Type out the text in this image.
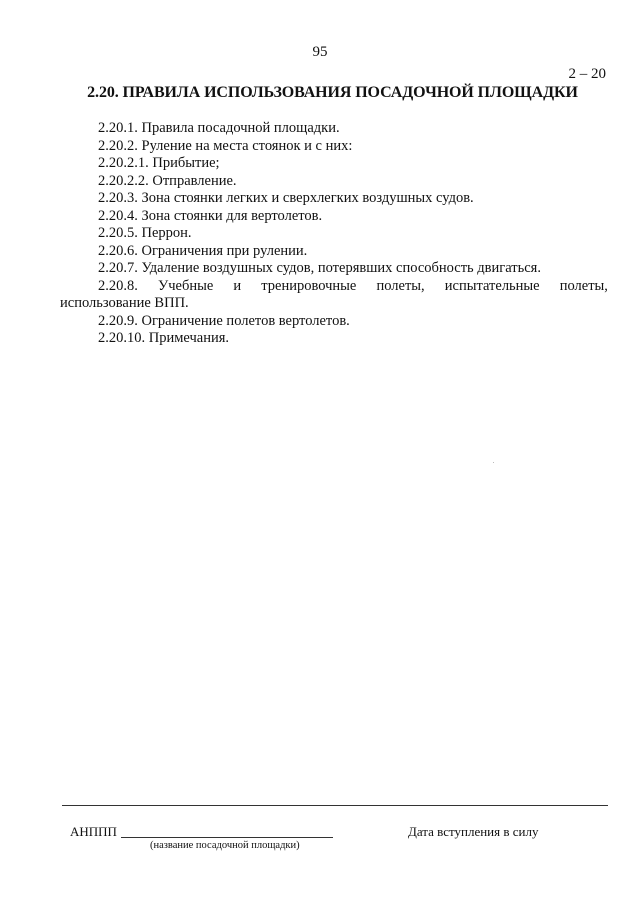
95
2 – 20
2.20. ПРАВИЛА ИСПОЛЬЗОВАНИЯ ПОСАДОЧНОЙ ПЛОЩАДКИ
2.20.1. Правила посадочной площадки.
2.20.2. Руление на места стоянок и с них:
2.20.2.1. Прибытие;
2.20.2.2. Отправление.
2.20.3. Зона стоянки легких и сверхлегких воздушных судов.
2.20.4. Зона стоянки для вертолетов.
2.20.5. Перрон.
2.20.6. Ограничения при рулении.
2.20.7. Удаление воздушных судов, потерявших способность двигаться.
2.20.8. Учебные и тренировочные полеты, испытательные полеты,
использование ВПП.
2.20.9. Ограничение полетов вертолетов.
2.20.10. Примечания.
АНППП
(название посадочной площадки)
Дата вступления в силу
